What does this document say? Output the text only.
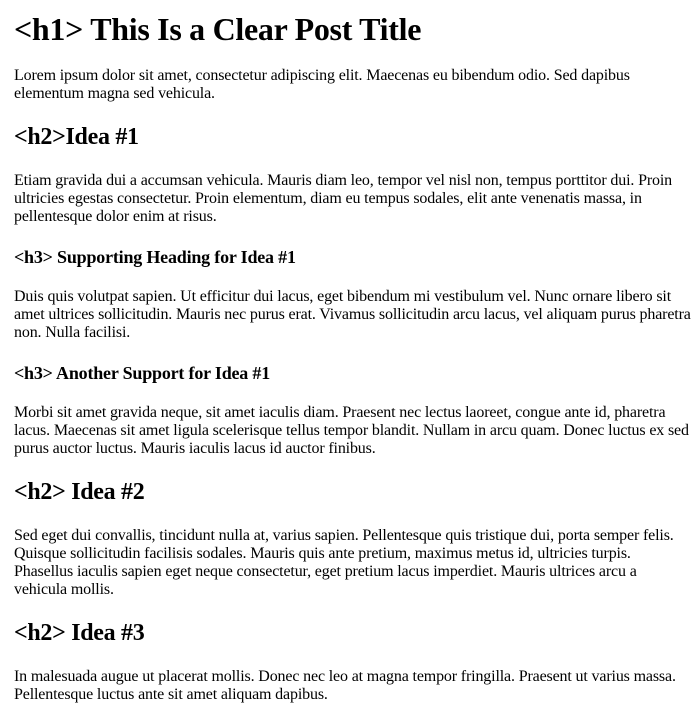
<h1> This Is a Clear Post Title

Lorem ipsum dolor sit amet, consectetur adipiscing elit. Maecenas eu bibendum odio. Sed dapibus elementum magna sed vehicula.

<h2>Idea #1

Etiam gravida dui a accumsan vehicula. Mauris diam leo, tempor vel nisl non, tempus porttitor dui. Proin ultricies egestas consectetur. Proin elementum, diam eu tempus sodales, elit ante venenatis massa, in pellentesque dolor enim at risus.

<h3> Supporting Heading for Idea #1

Duis quis volutpat sapien. Ut efficitur dui lacus, eget bibendum mi vestibulum vel. Nunc ornare libero sit amet ultrices sollicitudin. Mauris nec purus erat. Vivamus sollicitudin arcu lacus, vel aliquam purus pharetra non. Nulla facilisi.

<h3> Another Support for Idea #1

Morbi sit amet gravida neque, sit amet iaculis diam. Praesent nec lectus laoreet, congue ante id, pharetra lacus. Maecenas sit amet ligula scelerisque tellus tempor blandit. Nullam in arcu quam. Donec luctus ex sed purus auctor luctus. Mauris iaculis lacus id auctor finibus.

<h2> Idea #2

Sed eget dui convallis, tincidunt nulla at, varius sapien. Pellentesque quis tristique dui, porta semper felis. Quisque sollicitudin facilisis sodales. Mauris quis ante pretium, maximus metus id, ultricies turpis. Phasellus iaculis sapien eget neque consectetur, eget pretium lacus imperdiet. Mauris ultrices arcu a vehicula mollis.

<h2> Idea #3

In malesuada augue ut placerat mollis. Donec nec leo at magna tempor fringilla. Praesent ut varius massa. Pellentesque luctus ante sit amet aliquam dapibus.
